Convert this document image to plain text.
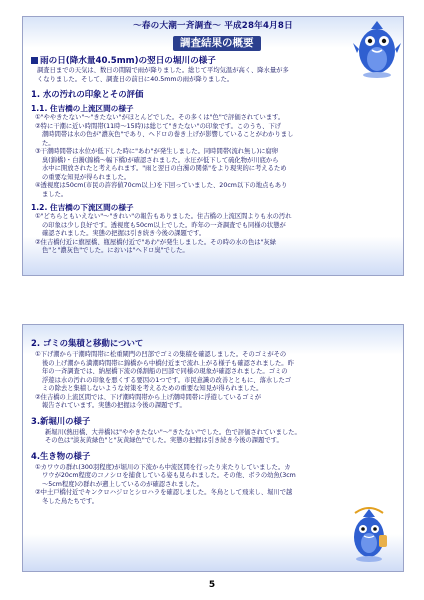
～春の大潮一斉調査～ 平成28年4月8日
調査結果の概要

雨の日(降水量40.5mm)の翌日の堀川の様子

調査日までの天気は、数日の間隔で雨が降りました。総じて平均気温が高く、降水量が多

くなりました。そして、調査日の前日に40.5mmの雨が降りました。

1. 水の汚れの印象とその評価

1.1. 住吉橋の上流区間の様子

①"ややきたない"～"きたない"がほとんどでした。その多くは"色"で評価されています。

②特に干潮に近い時間帯(11時～15時)は総じて"きたない"の印象です。このうち、下げ

潮時間帯は水の色が"濃灰色"であり、ヘドロの巻き上げが影響していることがわかりまし

た。

③干潮時間帯は水位が低下した時に"あわ"が発生しました。同時間帯(流れ無し)に腐卵

臭(錦橋)・白濁(錦橋～幅下橋)が確認されました。水圧が低下して硫化物が川底から

水中に開放されたと考えられます。"雨と翌日の白濁の関係"をより現実的に考えるため

の重要な知見が得られました。

④透視度は50cm(市民の許容値70cm以上)を下回っていました、20cm以下の地点もあり

ました。

1.2. 住吉橋の下流区間の様子

①"どちらともいえない"～"きれい"の報告もありました。住吉橋の上流区間よりも水の汚れ

の印象は少し良好です。透視度も50cm以上でした。昨年の一斉調査でも同様の状態が

確認されました。実態の把握は引き続き今後の課題です。

②住吉橋付近に旗屋橋、瓶屋橋付近で"あわ"が発生しました。その時の水の色は"灰緑

色"と"濃灰色"でした。においは"ヘドロ臭"でした。

2. ゴミの集積と移動について

①下げ潮から干潮時間帯に松重閘門の凹部でゴミの集積を確認しました。そのゴミがその

後の上げ潮から満潮時間帯に錦橋から中橋付近まで流れ上がる様子も確認されました。昨

年の一斉調査では、納屋橋下流の係割船の凹部で同様の現象が確認されました。ゴミの

浮遊は水の汚れの印象を悪くする要因の1つです。市民意識の改善とともに、落水したゴ

ミの除去と集積しないような対策を考えるための重要な知見が得られました。

②住吉橋の上流区間では、下げ潮時間帯から上げ潮時間帯に浮遊しているゴミが

報告されています。実態の把握は今後の課題です。

3.新堀川の様子

新堀川(熱田橋、大井橋)は"ややきたない"～"きたない"でした。色で評価されていました。

その色は"淡灰黄緑色"と"灰黄緑色"でした。実態の把握は引き続き今後の課題です。

4.生き物の様子

①カワウの群れ(300羽程度)が堀川の下流から中流区間を行ったり来たりしていました。カ

ワウが20cm程度のコノシロを捕食している姿も見られました。その他、ボラの幼魚(3cm

～5cm程度)の群れが遡上しているのが確認されました。

②中土戸橋付近でキンクロハジロとシロハラを確認しました。冬鳥として飛来し、堀川で越

冬した鳥たちです。

5
